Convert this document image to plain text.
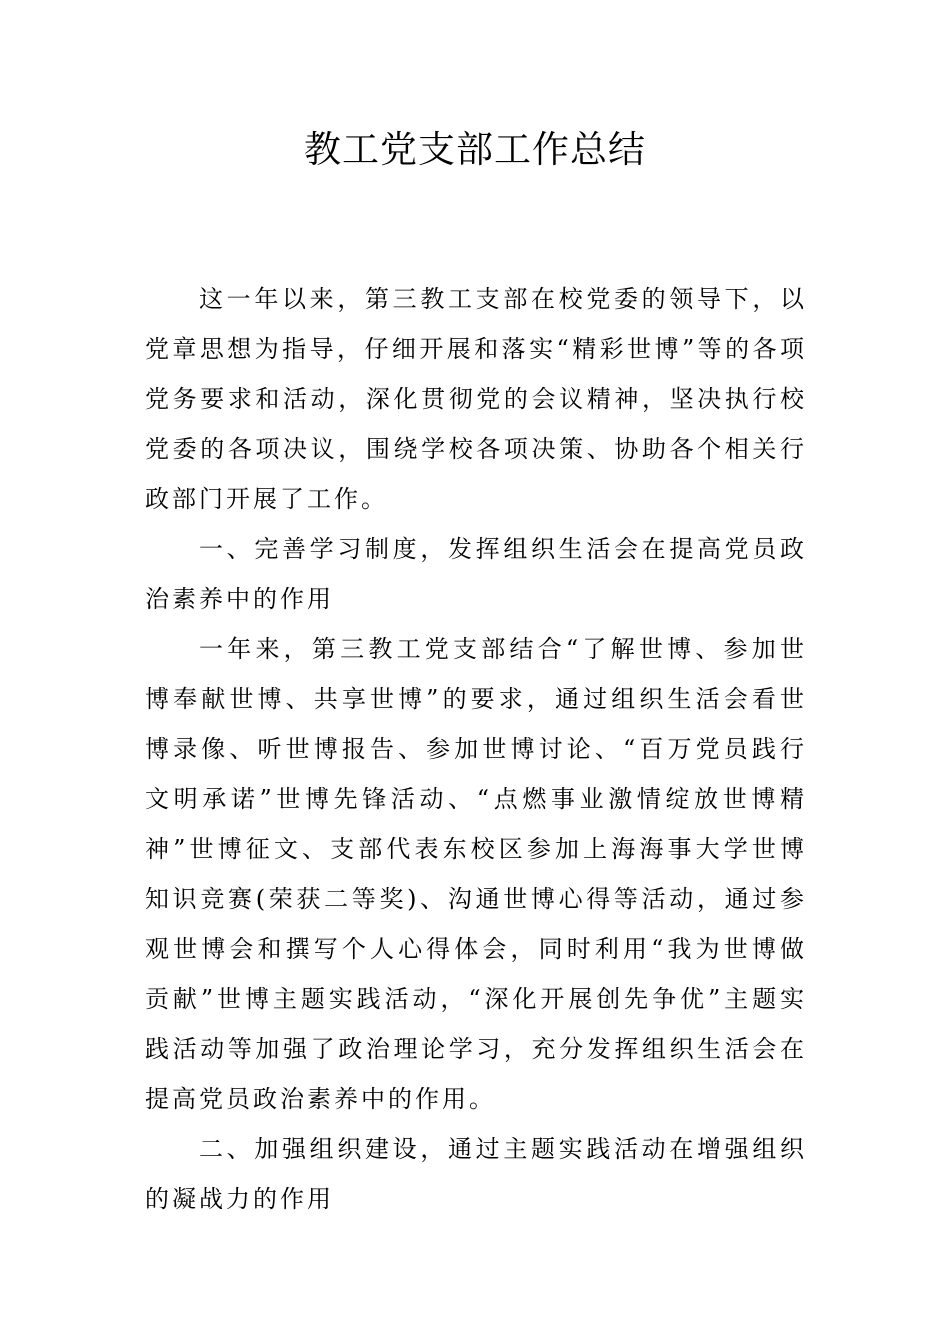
教工党支部工作总结

这一年以来，第三教工支部在校党委的领导下，以党章思想为指导，仔细开展和落实“精彩世博”等的各项党务要求和活动，深化贯彻党的会议精神，坚决执行校党委的各项决议，围绕学校各项决策、协助各个相关行政部门开展了工作。

一、完善学习制度，发挥组织生活会在提高党员政治素养中的作用

一年来，第三教工党支部结合“了解世博、参加世博奉献世博、共享世博”的要求，通过组织生活会看世博录像、听世博报告、参加世博讨论、“百万党员践行文明承诺”世博先锋活动、“点燃事业激情绽放世博精神”世博征文、支部代表东校区参加上海海事大学世博知识竞赛(荣获二等奖)、沟通世博心得等活动，通过参观世博会和撰写个人心得体会，同时利用“我为世博做贡献”世博主题实践活动，“深化开展创先争优”主题实践活动等加强了政治理论学习，充分发挥组织生活会在提高党员政治素养中的作用。

二、加强组织建设，通过主题实践活动在增强组织的凝战力的作用
